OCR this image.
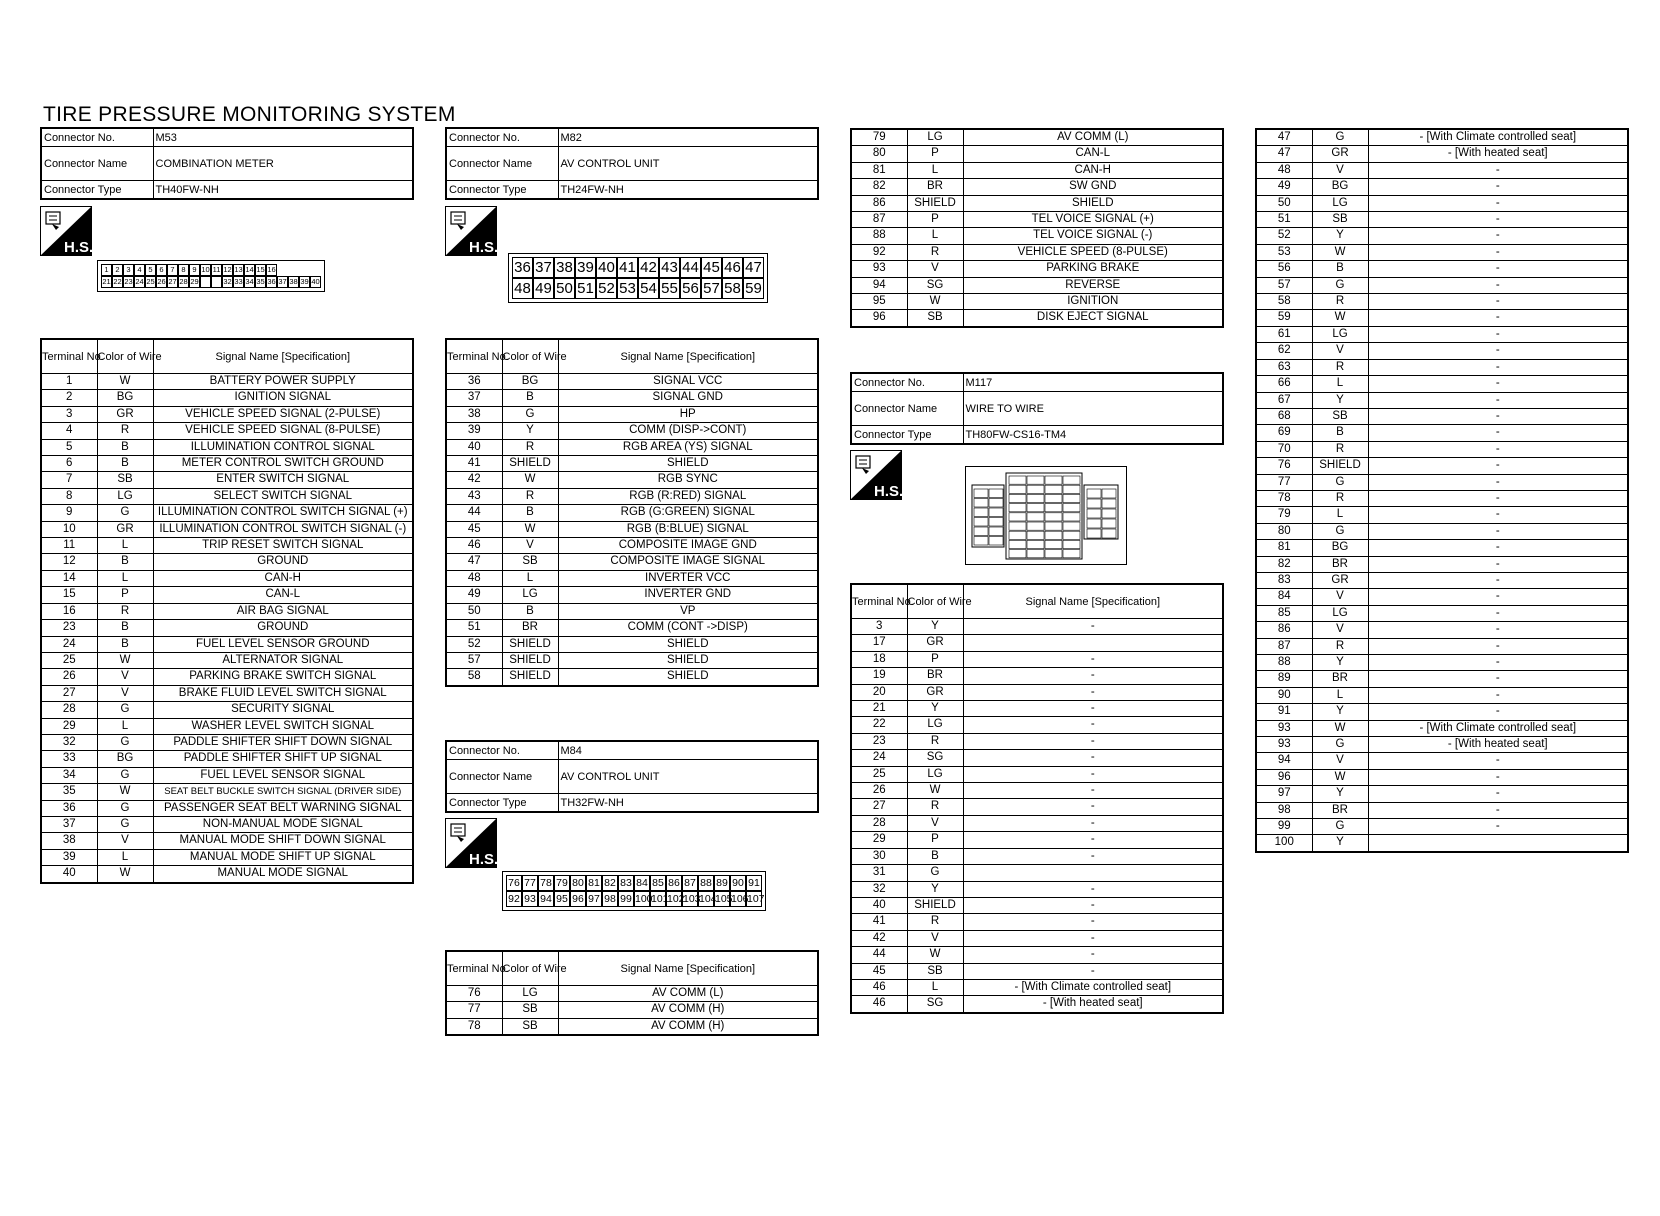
TIRE PRESSURE MONITORING SYSTEM
Connector No.	M53
Connector Name	COMBINATION METER
Connector Type	TH40FW-NH
H.S.
1 2 3 4 5 6 7 8 9 10 11 12 13 14 15 16
21 22 23 24 25 26 27 28 29	32 33 34 35 36 37 38 39 40
Terminal No.	Color of Wire	Signal Name [Specification]
1	W	BATTERY POWER SUPPLY
2	BG	IGNITION SIGNAL
3	GR	VEHICLE SPEED SIGNAL (2-PULSE)
4	R	VEHICLE SPEED SIGNAL (8-PULSE)
5	B	ILLUMINATION CONTROL SIGNAL
6	B	METER CONTROL SWITCH GROUND
7	SB	ENTER SWITCH SIGNAL
8	LG	SELECT SWITCH SIGNAL
9	G	ILLUMINATION CONTROL SWITCH SIGNAL (+)
10	GR	ILLUMINATION CONTROL SWITCH SIGNAL (-)
11	L	TRIP RESET SWITCH SIGNAL
12	B	GROUND
14	L	CAN-H
15	P	CAN-L
16	R	AIR BAG SIGNAL
23	B	GROUND
24	B	FUEL LEVEL SENSOR GROUND
25	W	ALTERNATOR SIGNAL
26	V	PARKING BRAKE SWITCH SIGNAL
27	V	BRAKE FLUID LEVEL SWITCH SIGNAL
28	G	SECURITY SIGNAL
29	L	WASHER LEVEL SWITCH SIGNAL
32	G	PADDLE SHIFTER SHIFT DOWN SIGNAL
33	BG	PADDLE SHIFTER SHIFT UP SIGNAL
34	G	FUEL LEVEL SENSOR SIGNAL
35	W	SEAT BELT BUCKLE SWITCH SIGNAL (DRIVER SIDE)
36	G	PASSENGER SEAT BELT WARNING SIGNAL
37	G	NON-MANUAL MODE SIGNAL
38	V	MANUAL MODE SHIFT DOWN SIGNAL
39	L	MANUAL MODE SHIFT UP SIGNAL
40	W	MANUAL MODE SIGNAL
Connector No.	M82
Connector Name	AV CONTROL UNIT
Connector Type	TH24FW-NH
H.S.
36 37 38 39 40 41 42 43 44 45 46 47
48 49 50 51 52 53 54 55 56 57 58 59
Terminal No.	Color of Wire	Signal Name [Specification]
36	BG	SIGNAL VCC
37	B	SIGNAL GND
38	G	HP
39	Y	COMM (DISP->CONT)
40	R	RGB AREA (YS) SIGNAL
41	SHIELD	SHIELD
42	W	RGB SYNC
43	R	RGB (R:RED) SIGNAL
44	B	RGB (G:GREEN) SIGNAL
45	W	RGB (B:BLUE) SIGNAL
46	V	COMPOSITE IMAGE GND
47	SB	COMPOSITE IMAGE SIGNAL
48	L	INVERTER VCC
49	LG	INVERTER GND
50	B	VP
51	BR	COMM (CONT ->DISP)
52	SHIELD	SHIELD
57	SHIELD	SHIELD
58	SHIELD	SHIELD
Connector No.	M84
Connector Name	AV CONTROL UNIT
Connector Type	TH32FW-NH
H.S.
76 77 78 79 80 81 82 83 84 85 86 87 88 89 90 91
92 93 94 95 96 97 98 99 100
101
102
103
104
105
106
107
Terminal No.	Color of Wire	Signal Name [Specification]
76	LG	AV COMM (L)
77	SB	AV COMM (H)
78	SB	AV COMM (H)
79	LG	AV COMM (L)
80	P	CAN-L
81	L	CAN-H
82	BR	SW GND
86	SHIELD	SHIELD
87	P	TEL VOICE SIGNAL (+)
88	L	TEL VOICE SIGNAL (-)
92	R	VEHICLE SPEED (8-PULSE)
93	V	PARKING BRAKE
94	SG	REVERSE
95	W	IGNITION
96	SB	DISK EJECT SIGNAL
Connector No.	M117
Connector Name	WIRE TO WIRE
Connector Type	TH80FW-CS16-TM4
H.S.
Terminal No.	Color of Wire	Signal Name [Specification]
3	Y	-
17	GR	
18	P	-
19	BR	-
20	GR	-
21	Y	-
22	LG	-
23	R	-
24	SG	-
25	LG	-
26	W	-
27	R	-
28	V	-
29	P	-
30	B	-
31	G	
32	Y	-
40	SHIELD	-
41	R	-
42	V	-
44	W	-
45	SB	-
46	L	- [With Climate controlled seat]
46	SG	- [With heated seat]
47	G	- [With Climate controlled seat]
47	GR	- [With heated seat]
48	V	-
49	BG	-
50	LG	-
51	SB	-
52	Y	-
53	W	-
56	B	-
57	G	-
58	R	-
59	W	-
61	LG	-
62	V	-
63	R	-
66	L	-
67	Y	-
68	SB	-
69	B	-
70	R	-
76	SHIELD	-
77	G	-
78	R	-
79	L	-
80	G	-
81	BG	-
82	BR	-
83	GR	-
84	V	-
85	LG	-
86	V	-
87	R	-
88	Y	-
89	BR	-
90	L	-
91	Y	-
93	W	- [With Climate controlled seat]
93	G	- [With heated seat]
94	V	-
96	W	-
97	Y	-
98	BR	-
99	G	-
100	Y	
